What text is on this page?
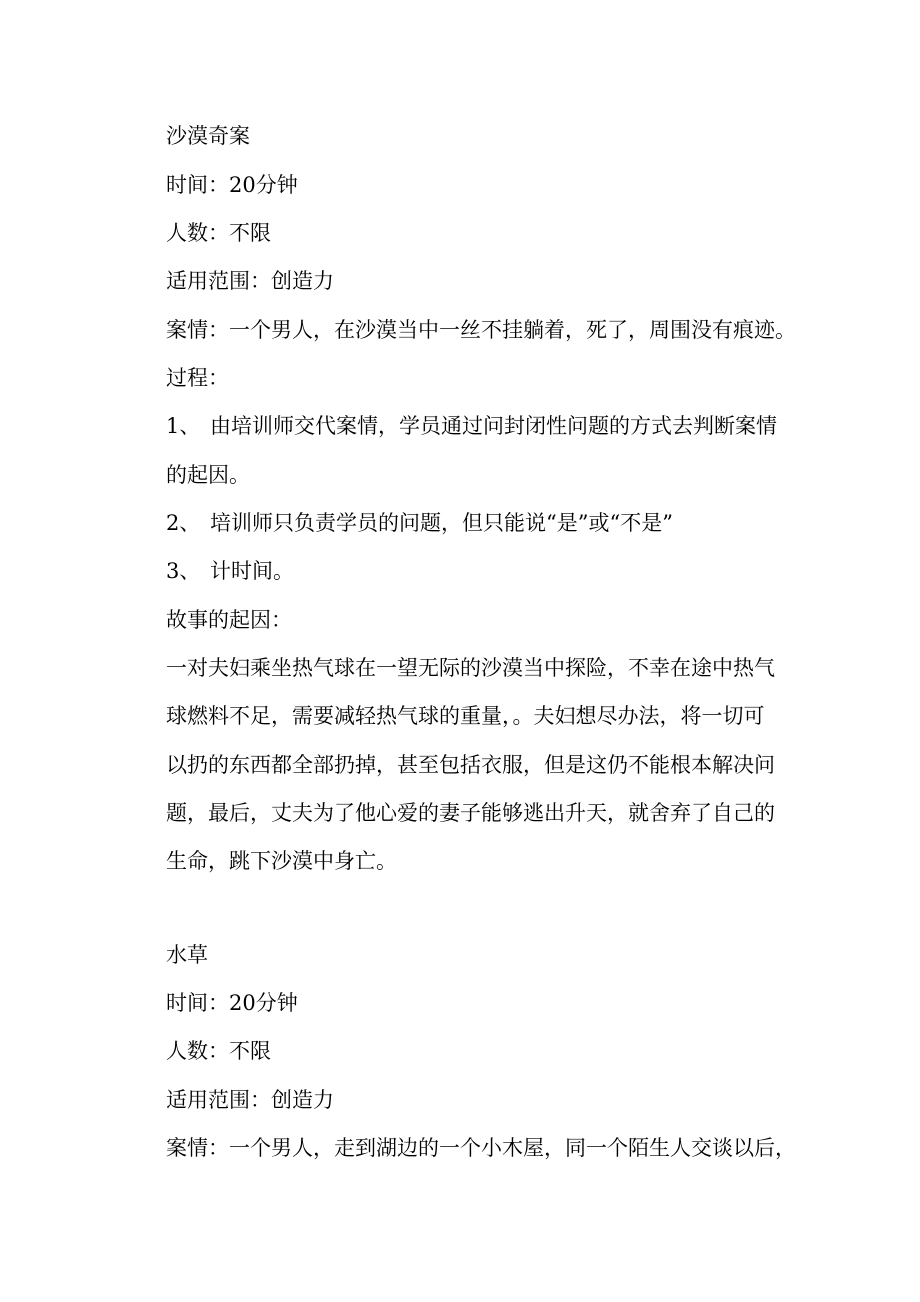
沙漠奇案
时间：20分钟
人数：不限
适用范围：创造力
案情：一个男人，在沙漠当中一丝不挂躺着，死了，周围没有痕迹。
过程：
1、 由培训师交代案情，学员通过问封闭性问题的方式去判断案情
的起因。
2、 培训师只负责学员的问题，但只能说“是”或“不是”
3、 计时间。
故事的起因：
一对夫妇乘坐热气球在一望无际的沙漠当中探险，不幸在途中热气
球燃料不足，需要减轻热气球的重量，。夫妇想尽办法，将一切可
以扔的东西都全部扔掉，甚至包括衣服，但是这仍不能根本解决问
题，最后，丈夫为了他心爱的妻子能够逃出升天，就舍弃了自己的
生命，跳下沙漠中身亡。
水草
时间：20分钟
人数：不限
适用范围：创造力
案情：一个男人，走到湖边的一个小木屋，同一个陌生人交谈以后，
